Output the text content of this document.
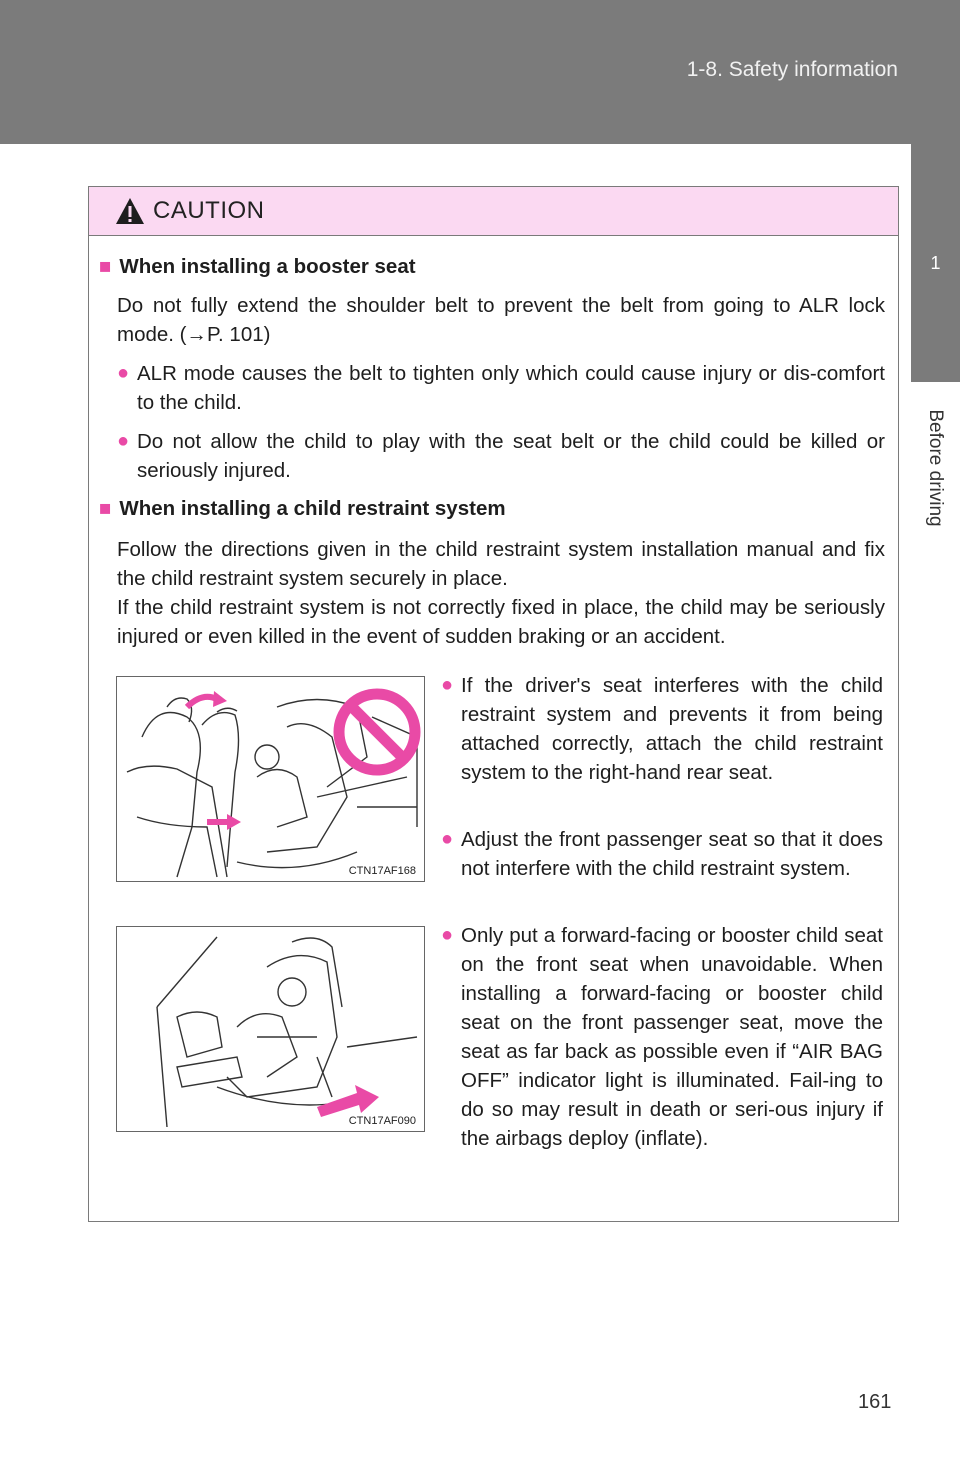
1-8. Safety information
1
Before driving
CAUTION
■ When installing a booster seat
Do not fully extend the shoulder belt to prevent the belt from going to ALR lock mode. (→P. 101)
● ALR mode causes the belt to tighten only which could cause injury or dis-comfort to the child.
● Do not allow the child to play with the seat belt or the child could be killed or seriously injured.
■ When installing a child restraint system
Follow the directions given in the child restraint system installation manual and fix the child restraint system securely in place.
If the child restraint system is not correctly fixed in place, the child may be seriously injured or even killed in the event of sudden braking or an accident.
● If the driver's seat interferes with the child restraint system and prevents it from being attached correctly, attach the child restraint system to the right-hand rear seat.
● Adjust the front passenger seat so that it does not interfere with the child restraint system.
● Only put a forward-facing or booster child seat on the front seat when unavoidable. When installing a forward-facing or booster child seat on the front passenger seat, move the seat as far back as possible even if “AIR BAG OFF” indicator light is illuminated. Fail-ing to do so may result in death or seri-ous injury if the airbags deploy (inflate).
CTN17AF168
CTN17AF090
161
